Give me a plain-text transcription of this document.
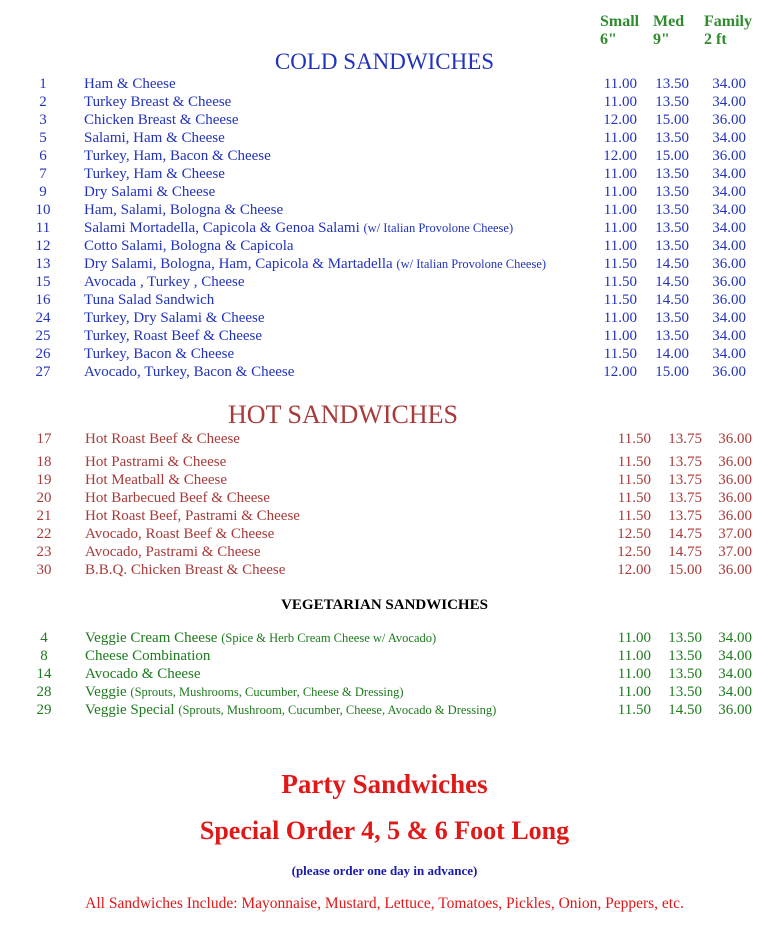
Small
6"
Med
9"
Family
2 ft
COLD SANDWICHES
1	Ham & Cheese	11.00	13.50	34.00
2	Turkey Breast & Cheese	11.00	13.50	34.00
3	Chicken Breast & Cheese	12.00	15.00	36.00
5	Salami, Ham & Cheese	11.00	13.50	34.00
6	Turkey, Ham, Bacon & Cheese	12.00	15.00	36.00
7	Turkey, Ham & Cheese	11.00	13.50	34.00
9	Dry Salami & Cheese	11.00	13.50	34.00
10	Ham, Salami, Bologna & Cheese	11.00	13.50	34.00
11	Salami Mortadella, Capicola & Genoa Salami (w/ Italian Provolone Cheese)	11.00	13.50	34.00
12	Cotto Salami, Bologna & Capicola	11.00	13.50	34.00
13	Dry Salami, Bologna, Ham, Capicola & Martadella (w/ Italian Provolone Cheese)	11.50	14.50	36.00
15	Avocada , Turkey , Cheese	11.50	14.50	36.00
16	Tuna Salad Sandwich	11.50	14.50	36.00
24	Turkey, Dry Salami & Cheese	11.00	13.50	34.00
25	Turkey, Roast Beef & Cheese	11.00	13.50	34.00
26	Turkey, Bacon & Cheese	11.50	14.00	34.00
27	Avocado, Turkey, Bacon & Cheese	12.00	15.00	36.00
HOT SANDWICHES
17	Hot Roast Beef & Cheese	11.50	13.75	36.00
18	Hot Pastrami & Cheese	11.50	13.75	36.00
19	Hot Meatball & Cheese	11.50	13.75	36.00
20	Hot Barbecued Beef & Cheese	11.50	13.75	36.00
21	Hot Roast Beef, Pastrami & Cheese	11.50	13.75	36.00
22	Avocado, Roast Beef & Cheese	12.50	14.75	37.00
23	Avocado, Pastrami & Cheese	12.50	14.75	37.00
30	B.B.Q. Chicken Breast & Cheese	12.00	15.00	36.00
VEGETARIAN SANDWICHES
4	Veggie Cream Cheese (Spice & Herb Cream Cheese w/ Avocado)	11.00	13.50	34.00
8	Cheese Combination	11.00	13.50	34.00
14	Avocado & Cheese	11.00	13.50	34.00
28	Veggie (Sprouts, Mushrooms, Cucumber, Cheese & Dressing)	11.00	13.50	34.00
29	Veggie Special (Sprouts, Mushroom, Cucumber, Cheese, Avocado & Dressing)	11.50	14.50	36.00
Party Sandwiches
Special Order 4, 5 & 6 Foot Long
(please order one day in advance)
All Sandwiches Include: Mayonnaise, Mustard, Lettuce, Tomatoes, Pickles, Onion, Peppers, etc.
